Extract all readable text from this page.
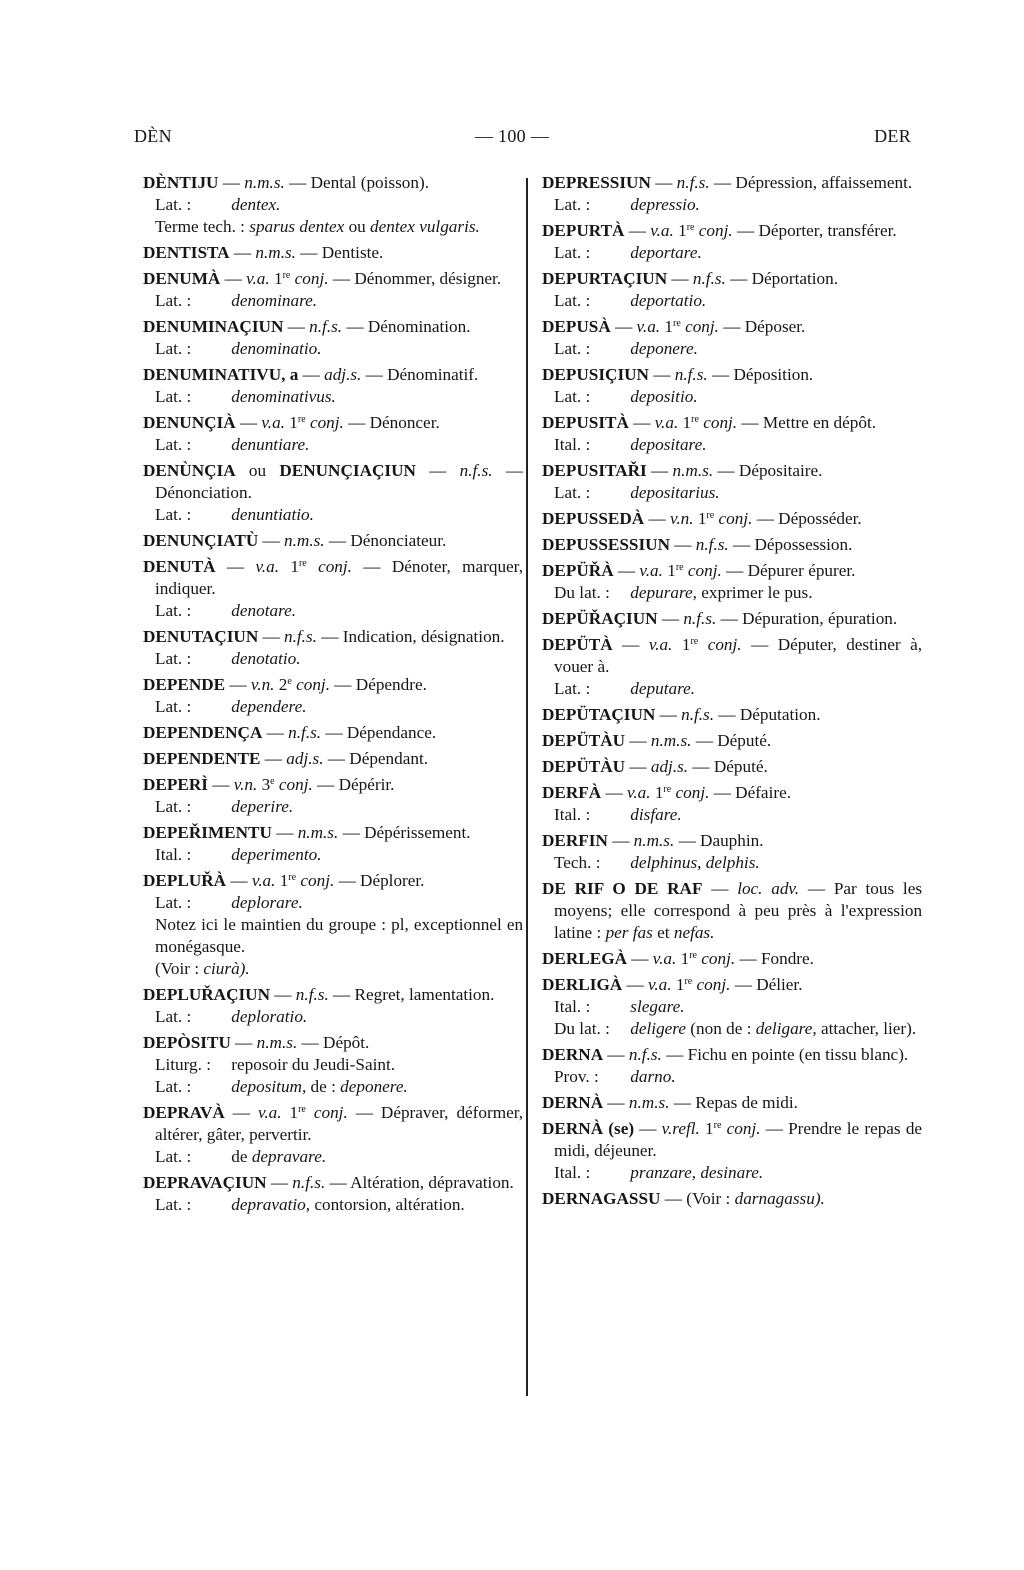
DÈN	— 100 —	DER
DÈNTIJU — n.m.s. — Dental (poisson).
Lat. : dentex.
Terme tech. : sparus dentex ou dentex vulgaris.
DENTISTA — n.m.s. — Dentiste.
DENUMÀ — v.a. 1re conj. — Dénommer, désigner.
Lat. : denominare.
DENUMINAÇIUN — n.f.s. — Dénomination.
Lat. : denominatio.
DENUMINATIVU, a — adj.s. — Dénominatif.
Lat. : denominativus.
DENUNÇIÀ — v.a. 1re conj. — Dénoncer.
Lat. : denuntiare.
DENÙNÇIA ou DENUNÇIAÇIUN — n.f.s. — Dénonciation.
Lat. : denuntiatio.
DENUNÇIATÙ — n.m.s. — Dénonciateur.
DENUTÀ — v.a. 1re conj. — Dénoter, marquer, indiquer.
Lat. : denotare.
DENUTAÇIUN — n.f.s. — Indication, désignation.
Lat. : denotatio.
DEPENDE — v.n. 2e conj. — Dépendre.
Lat. : dependere.
DEPENDENÇA — n.f.s. — Dépendance.
DEPENDENTE — adj.s. — Dépendant.
DEPERÌ — v.n. 3e conj. — Dépérir.
Lat. : deperire.
DEPEŘIMENTU — n.m.s. — Dépérissement.
Ital. : deperimento.
DEPLUŘÀ — v.a. 1re conj. — Déplorer.
Lat. : deplorare.
Notez ici le maintien du groupe : pl, exceptionnel en monégasque.
(Voir : ciurà).
DEPLUŘAÇIUN — n.f.s. — Regret, lamentation.
Lat. : deploratio.
DEPÒSITU — n.m.s. — Dépôt.
Liturg. : reposoir du Jeudi-Saint.
Lat. : depositum, de : deponere.
DEPRAVÀ — v.a. 1re conj. — Dépraver, déformer, altérer, gâter, pervertir.
Lat. : de depravare.
DEPRAVAÇIUN — n.f.s. — Altération, dépravation.
Lat. : depravatio, contorsion, altération.
DEPRESSIUN — n.f.s. — Dépression, affaissement.
Lat. : depressio.
DEPURTÀ — v.a. 1re conj. — Déporter, transférer.
Lat. : deportare.
DEPURTAÇIUN — n.f.s. — Déportation.
Lat. : deportatio.
DEPUSÀ — v.a. 1re conj. — Déposer.
Lat. : deponere.
DEPUSIÇIUN — n.f.s. — Déposition.
Lat. : depositio.
DEPUSITÀ — v.a. 1re conj. — Mettre en dépôt.
Ital. : depositare.
DEPUSITAŘI — n.m.s. — Dépositaire.
Lat. : depositarius.
DEPUSSEDÀ — v.n. 1re conj. — Déposséder.
DEPUSSESSIUN — n.f.s. — Dépossession.
DEPÜŘÀ — v.a. 1re conj. — Dépurer épurer.
Du lat. : depurare, exprimer le pus.
DEPÜŘAÇIUN — n.f.s. — Dépuration, épuration.
DEPÜTÀ — v.a. 1re conj. — Députer, destiner à, vouer à.
Lat. : deputare.
DEPÜTAÇIUN — n.f.s. — Députation.
DEPÜTÀU — n.m.s. — Député.
DEPÜTÀU — adj.s. — Député.
DERFÀ — v.a. 1re conj. — Défaire.
Ital. : disfare.
DERFIN — n.m.s. — Dauphin.
Tech. : delphinus, delphis.
DE RIF O DE RAF — loc. adv. — Par tous les moyens; elle correspond à peu près à l'expression latine : per fas et nefas.
DERLEGÀ — v.a. 1re conj. — Fondre.
DERLIGÀ — v.a. 1re conj. — Délier.
Ital. : slegare.
Du lat. : deligere (non de : deligare, attacher, lier).
DERNA — n.f.s. — Fichu en pointe (en tissu blanc).
Prov. : darno.
DERNÀ — n.m.s. — Repas de midi.
DERNÀ (se) — v.refl. 1re conj. — Prendre le repas de midi, déjeuner.
Ital. : pranzare, desinare.
DERNAGASSU — (Voir : darnagassu).
